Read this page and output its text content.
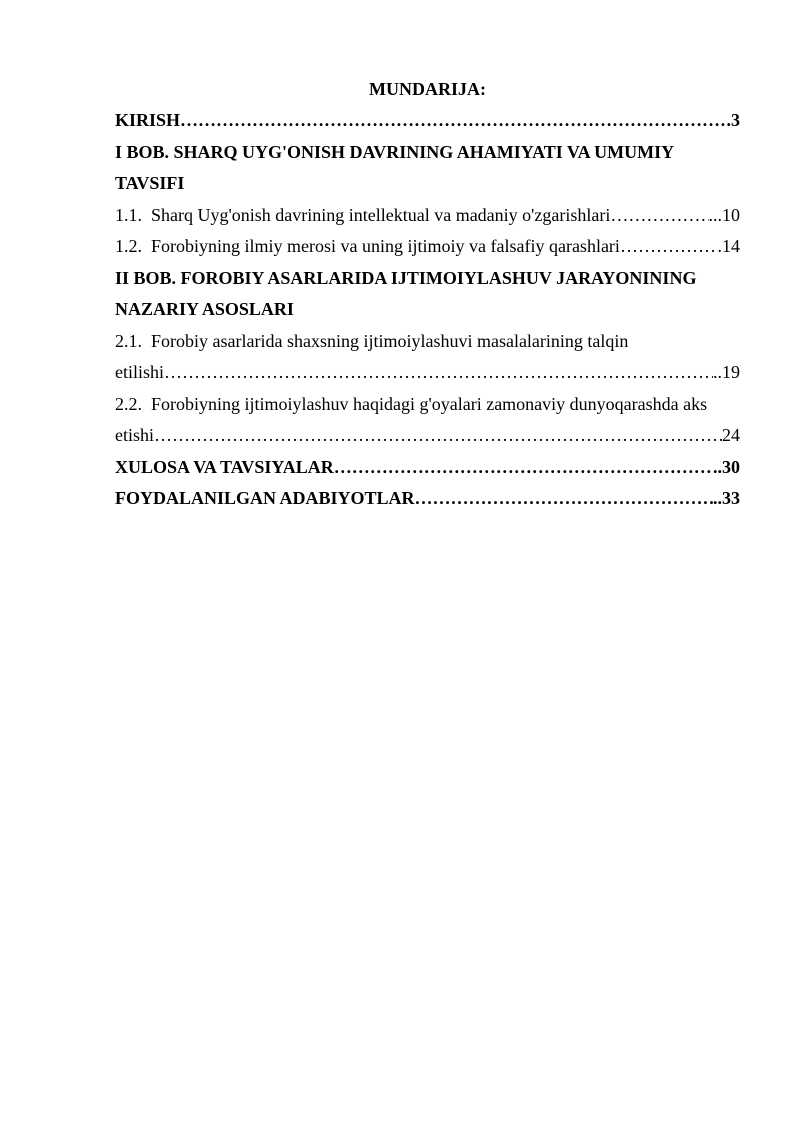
MUNDARIJA:
KIRISH …………………………………………………………………………………………………………………………………………………………………………………………	.3
I BOB. SHARQ UYG'ONISH DAVRINING AHAMIYATI VA UMUMIY
TAVSIFI
1.1. Sharq Uyg'onish davrining intellektual va madaniy o'zgarishlari …………………………………………………………………………………………………………………………………………………………………………………………	...10
1.2. Forobiyning ilmiy merosi va uning ijtimoiy va falsafiy qarashlari …………………………………………………………………………………………………………………………………………………………………………………………	.14
II BOB. FOROBIY ASARLARIDA IJTIMOIYLASHUV JARAYONINING
NAZARIY ASOSLARI
2.1. Forobiy asarlarida shaxsning ijtimoiylashuvi masalalarining talqin
etilishi …………………………………………………………………………………………………………………………………………………………………………………………	..19
2.2. Forobiyning ijtimoiylashuv haqidagi g'oyalari zamonaviy dunyoqarashda aks
etishi …………………………………………………………………………………………………………………………………………………………………………………………	24
XULOSA VA TAVSIYALAR …………………………………………………………………………………………………………………………………………………………………………………………	..30
FOYDALANILGAN ADABIYOTLAR …………………………………………………………………………………………………………………………………………………………………………………………	..33
